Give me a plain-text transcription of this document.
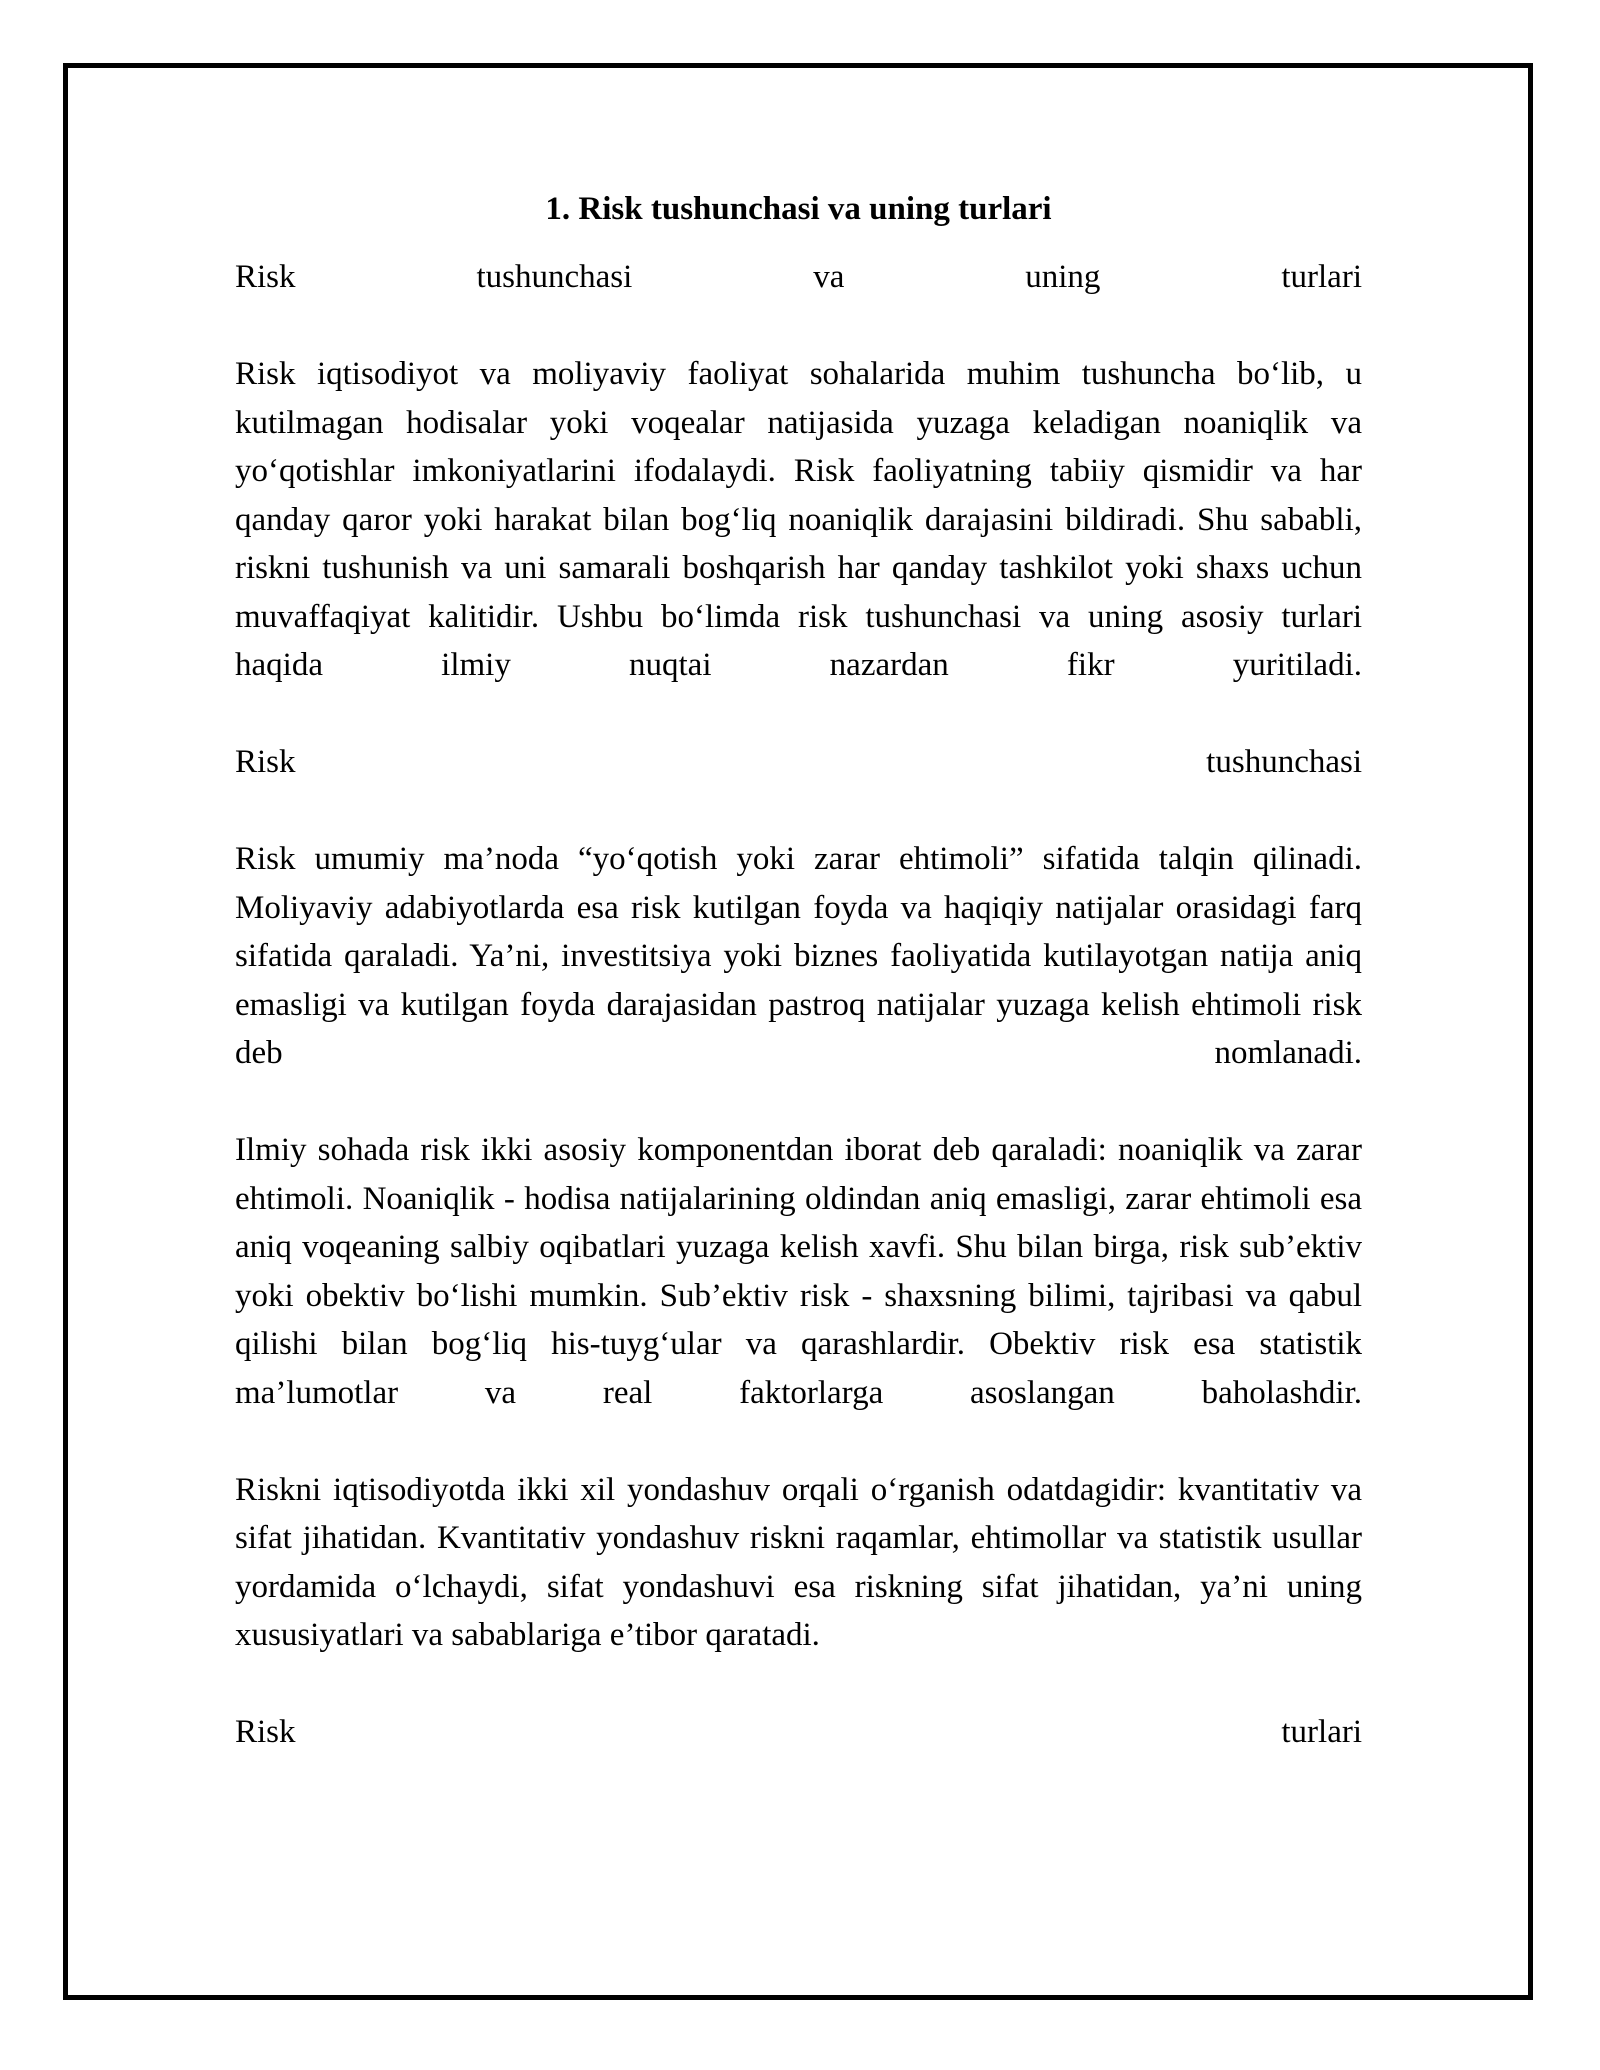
1. Risk tushunchasi va uning turlari
Risk tushunchasi va uning turlari
Risk iqtisodiyot va moliyaviy faoliyat sohalarida muhim tushuncha bo‘lib, u kutilmagan hodisalar yoki voqealar natijasida yuzaga keladigan noaniqlik va yo‘qotishlar imkoniyatlarini ifodalaydi. Risk faoliyatning tabiiy qismidir va har qanday qaror yoki harakat bilan bog‘liq noaniqlik darajasini bildiradi. Shu sababli, riskni tushunish va uni samarali boshqarish har qanday tashkilot yoki shaxs uchun muvaffaqiyat kalitidir. Ushbu bo‘limda risk tushunchasi va uning asosiy turlari haqida ilmiy nuqtai nazardan fikr yuritiladi.
Risk tushunchasi
Risk umumiy ma’noda “yo‘qotish yoki zarar ehtimoli” sifatida talqin qilinadi. Moliyaviy adabiyotlarda esa risk kutilgan foyda va haqiqiy natijalar orasidagi farq sifatida qaraladi. Ya’ni, investitsiya yoki biznes faoliyatida kutilayotgan natija aniq emasligi va kutilgan foyda darajasidan pastroq natijalar yuzaga kelish ehtimoli risk deb nomlanadi.
Ilmiy sohada risk ikki asosiy komponentdan iborat deb qaraladi: noaniqlik va zarar ehtimoli. Noaniqlik - hodisa natijalarining oldindan aniq emasligi, zarar ehtimoli esa aniq voqeaning salbiy oqibatlari yuzaga kelish xavfi. Shu bilan birga, risk sub’ektiv yoki obektiv bo‘lishi mumkin. Sub’ektiv risk - shaxsning bilimi, tajribasi va qabul qilishi bilan bog‘liq his-tuyg‘ular va qarashlardir. Obektiv risk esa statistik ma’lumotlar va real faktorlarga asoslangan baholashdir.
Riskni iqtisodiyotda ikki xil yondashuv orqali o‘rganish odatdagidir: kvantitativ va sifat jihatidan. Kvantitativ yondashuv riskni raqamlar, ehtimollar va statistik usullar yordamida o‘lchaydi, sifat yondashuvi esa riskning sifat jihatidan, ya’ni uning xususiyatlari va sabablariga e’tibor qaratadi.
Risk turlari
